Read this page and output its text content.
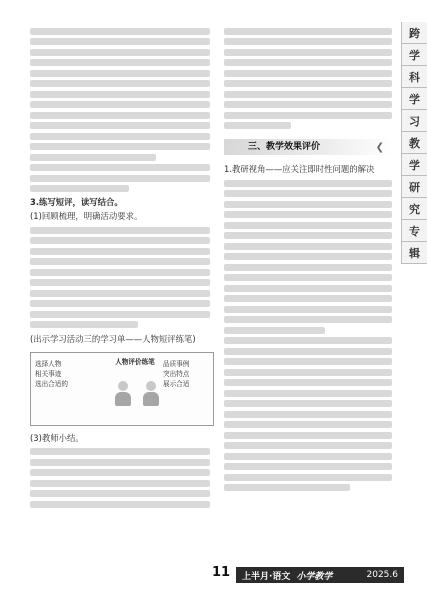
跨
学
科
学
习
教
学
研
究
专
辑

3.练写短评，读写结合。
(1)回顾梳理，明确活动要求。

(出示学习活动三的学习单——人物短评练笔)
选择人物
相关事迹
选出合适的
人物评价练笔	品质事例
突出特点
展示合适
(3)教师小结。

三、教学效果评价	❮
1.教研视角——应关注即时性问题的解决

11 上半月·语文 小学教学	2025.6
